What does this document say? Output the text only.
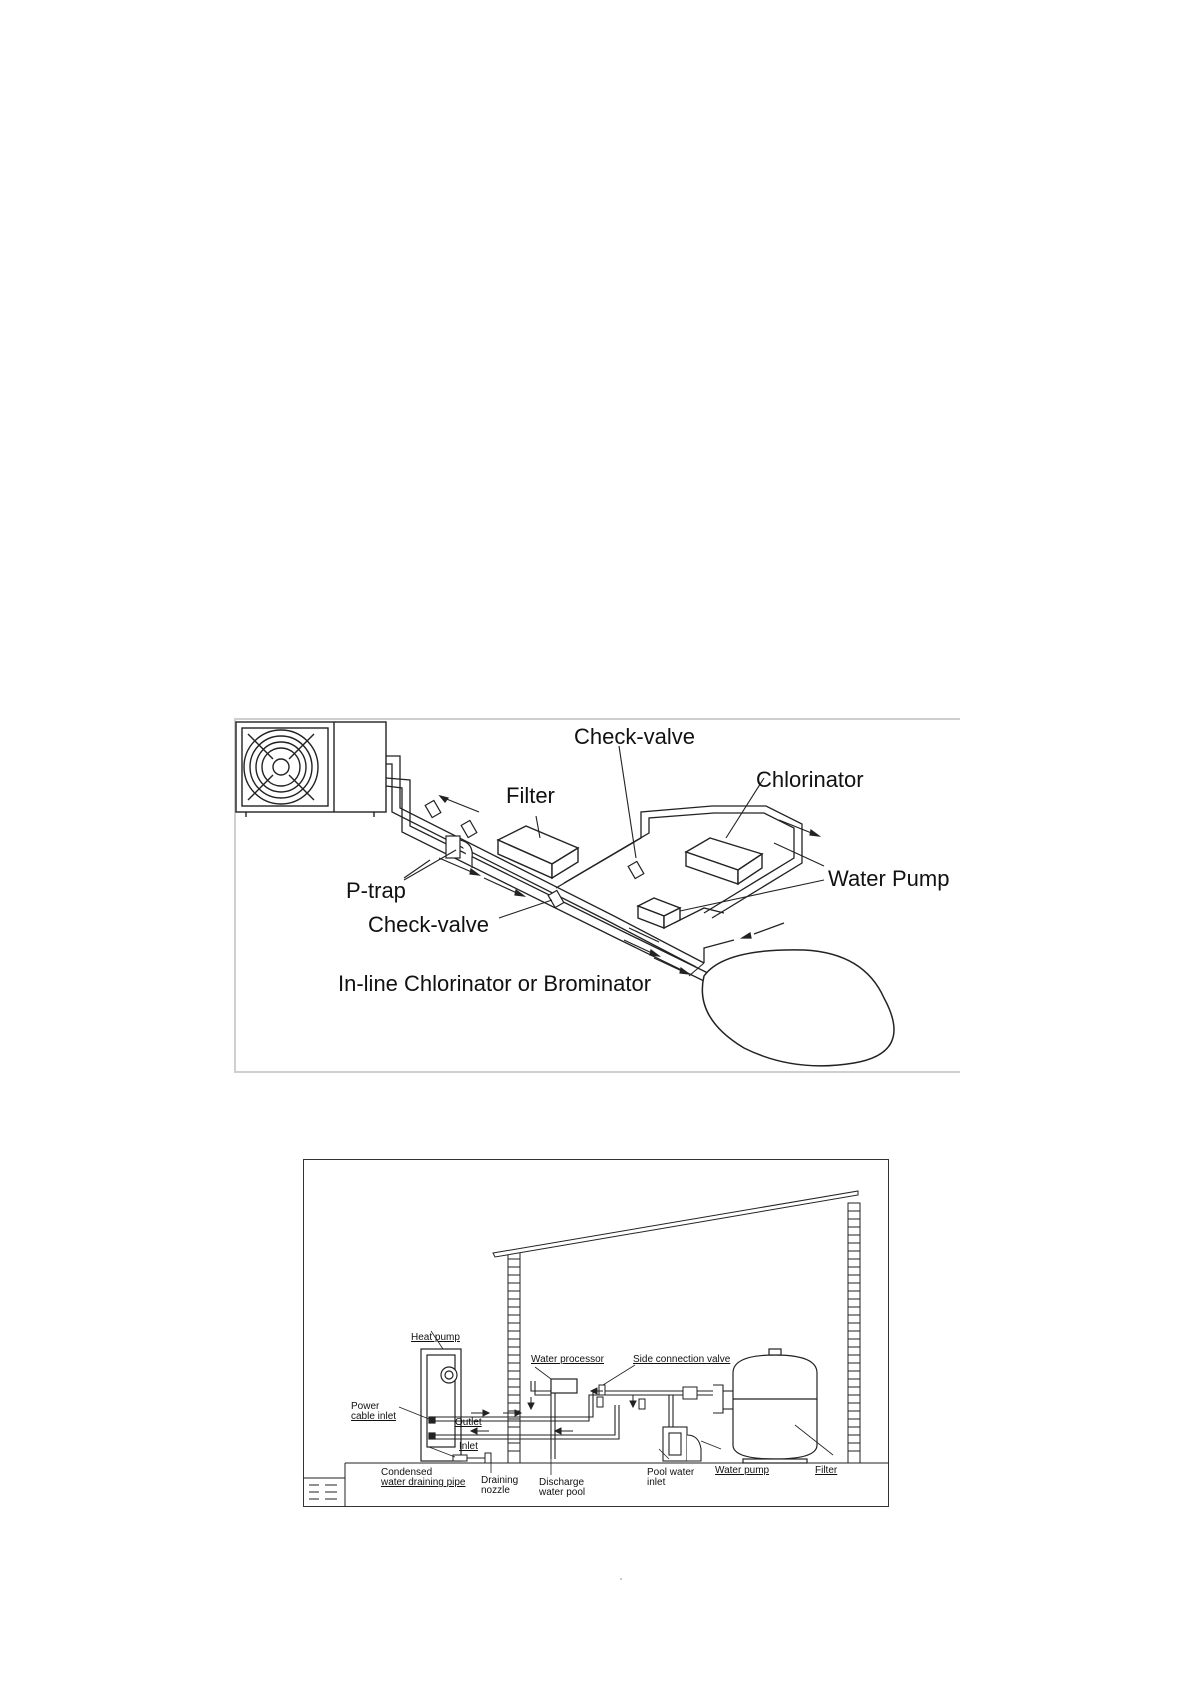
Check-valve
Filter
Chlorinator
Water Pump
P-trap
Check-valve
In-line Chlorinator or Brominator
Heat pump
Water processor	Side connection valve
Power
cable inlet
Outlet
Inlet
Condensed
water draining pipe Draining
nozzle
Discharge
water pool
Pool water
inlet
Water pump	Filter
